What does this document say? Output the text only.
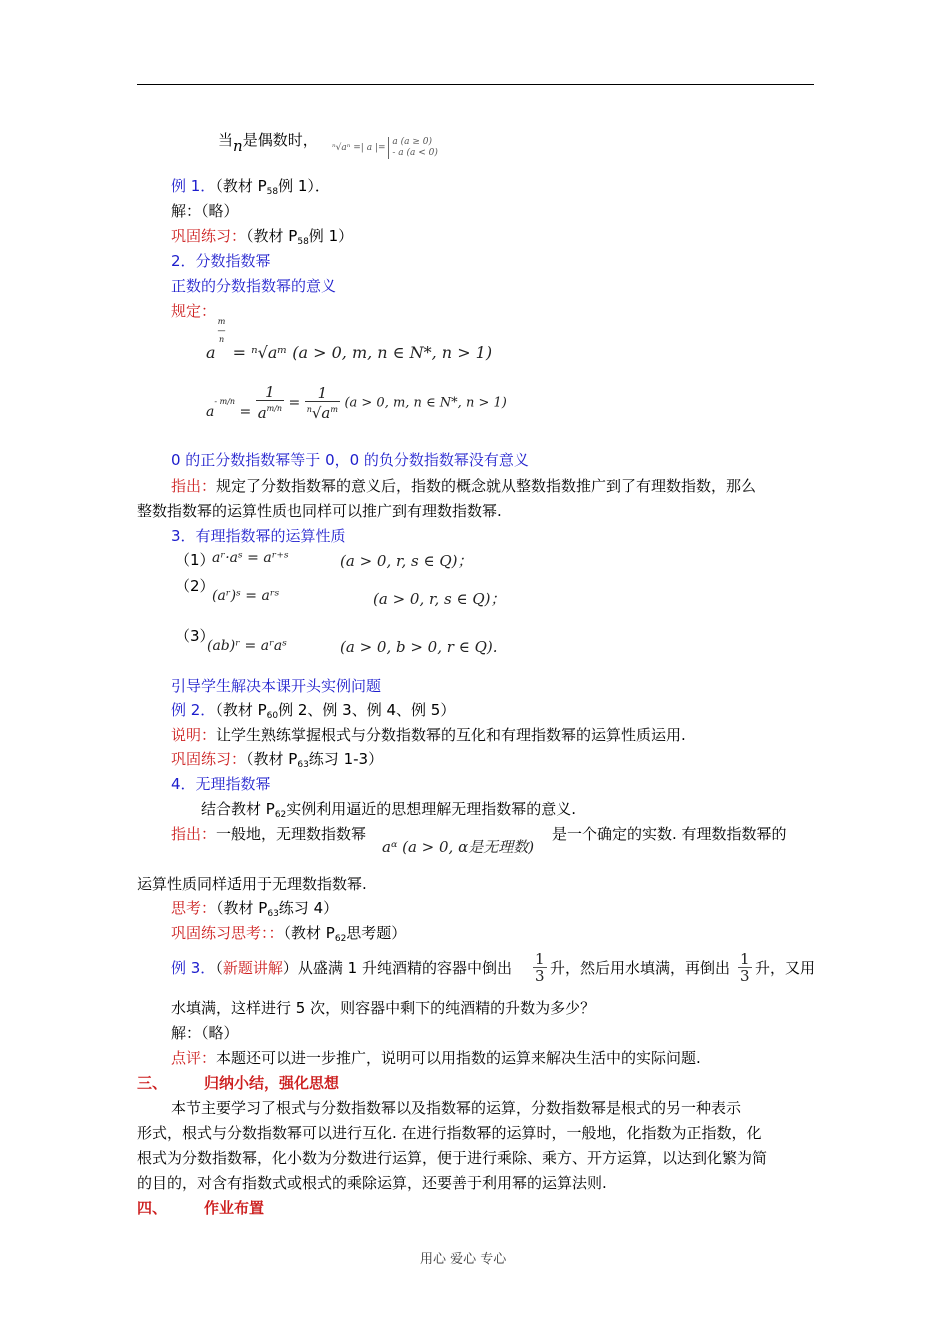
当n是偶数时， ⁿ√aⁿ =| a |=
a (a ≥ 0)
- a (a < 0)
例 1．（教材 $P_{58}$例 1）．
解：（略）
巩固练习：（教材 $P_{58}$例 1）
2．分数指数幂
正数的分数指数幂的意义
规定：
a
m
—
n
= ⁿ√aᵐ (a > 0, m, n ∈ N*, n > 1)
$a^{- m/n} = \frac{1}{a^{m/n}} = \frac{1}{^n√a^m} (a > 0$, m, n ∈ N*, n > 1)
0 的正分数指数幂等于 0，0 的负分数指数幂没有意义
指出：规定了分数指数幂的意义后，指数的概念就从整数指数推广到了有理数指数，那么
整数指数幂的运算性质也同样可以推广到有理数指数幂.
3．有理指数幂的运算性质
（1）
aʳ·aˢ = aʳ⁺ˢ	(a > 0, r, s ∈ Q)；
（2）
(aʳ)ˢ = aʳˢ	(a > 0, r, s ∈ Q)；
（3）
(ab)ʳ = aʳaˢ	(a > 0, b > 0, r ∈ Q).
引导学生解决本课开头实例问题
例 2．（教材 $P_{60}$例 2、例 3、例 4、例 5）
说明：让学生熟练掌握根式与分数指数幂的互化和有理指数幂的运算性质运用.
巩固练习：（教材 $P_{63}$练习 1-3）
4．无理指数幂
结合教材 $P_{62}$实例利用逼近的思想理解无理指数幂的意义.
指出：一般地，无理数指数幂
aᵅ (a > 0, α是无理数)
是一个确定的实数. 有理数指数幂的
运算性质同样适用于无理数指数幂.
思考：（教材 $P_{63}$练习 4）
巩固练习思考：：（教材 $P_{62}$思考题）
例 3．（新题讲解）从盛满 1 升纯酒精的容器中倒出 $\frac{1}{3}$ 升，然后用水填满，再倒出 $\frac{1}{3}$ 升，又用
水填满，这样进行 5 次，则容器中剩下的纯酒精的升数为多少？
解：（略）
点评：本题还可以进一步推广，说明可以用指数的运算来解决生活中的实际问题.
三、 归纳小结，强化思想
本节主要学习了根式与分数指数幂以及指数幂的运算，分数指数幂是根式的另一种表示
形式，根式与分数指数幂可以进行互化. 在进行指数幂的运算时，一般地，化指数为正指数，化
根式为分数指数幂，化小数为分数进行运算，便于进行乘除、乘方、开方运算，以达到化繁为简
的目的，对含有指数式或根式的乘除运算，还要善于利用幂的运算法则.
四、 作业布置
用心 爱心 专心
